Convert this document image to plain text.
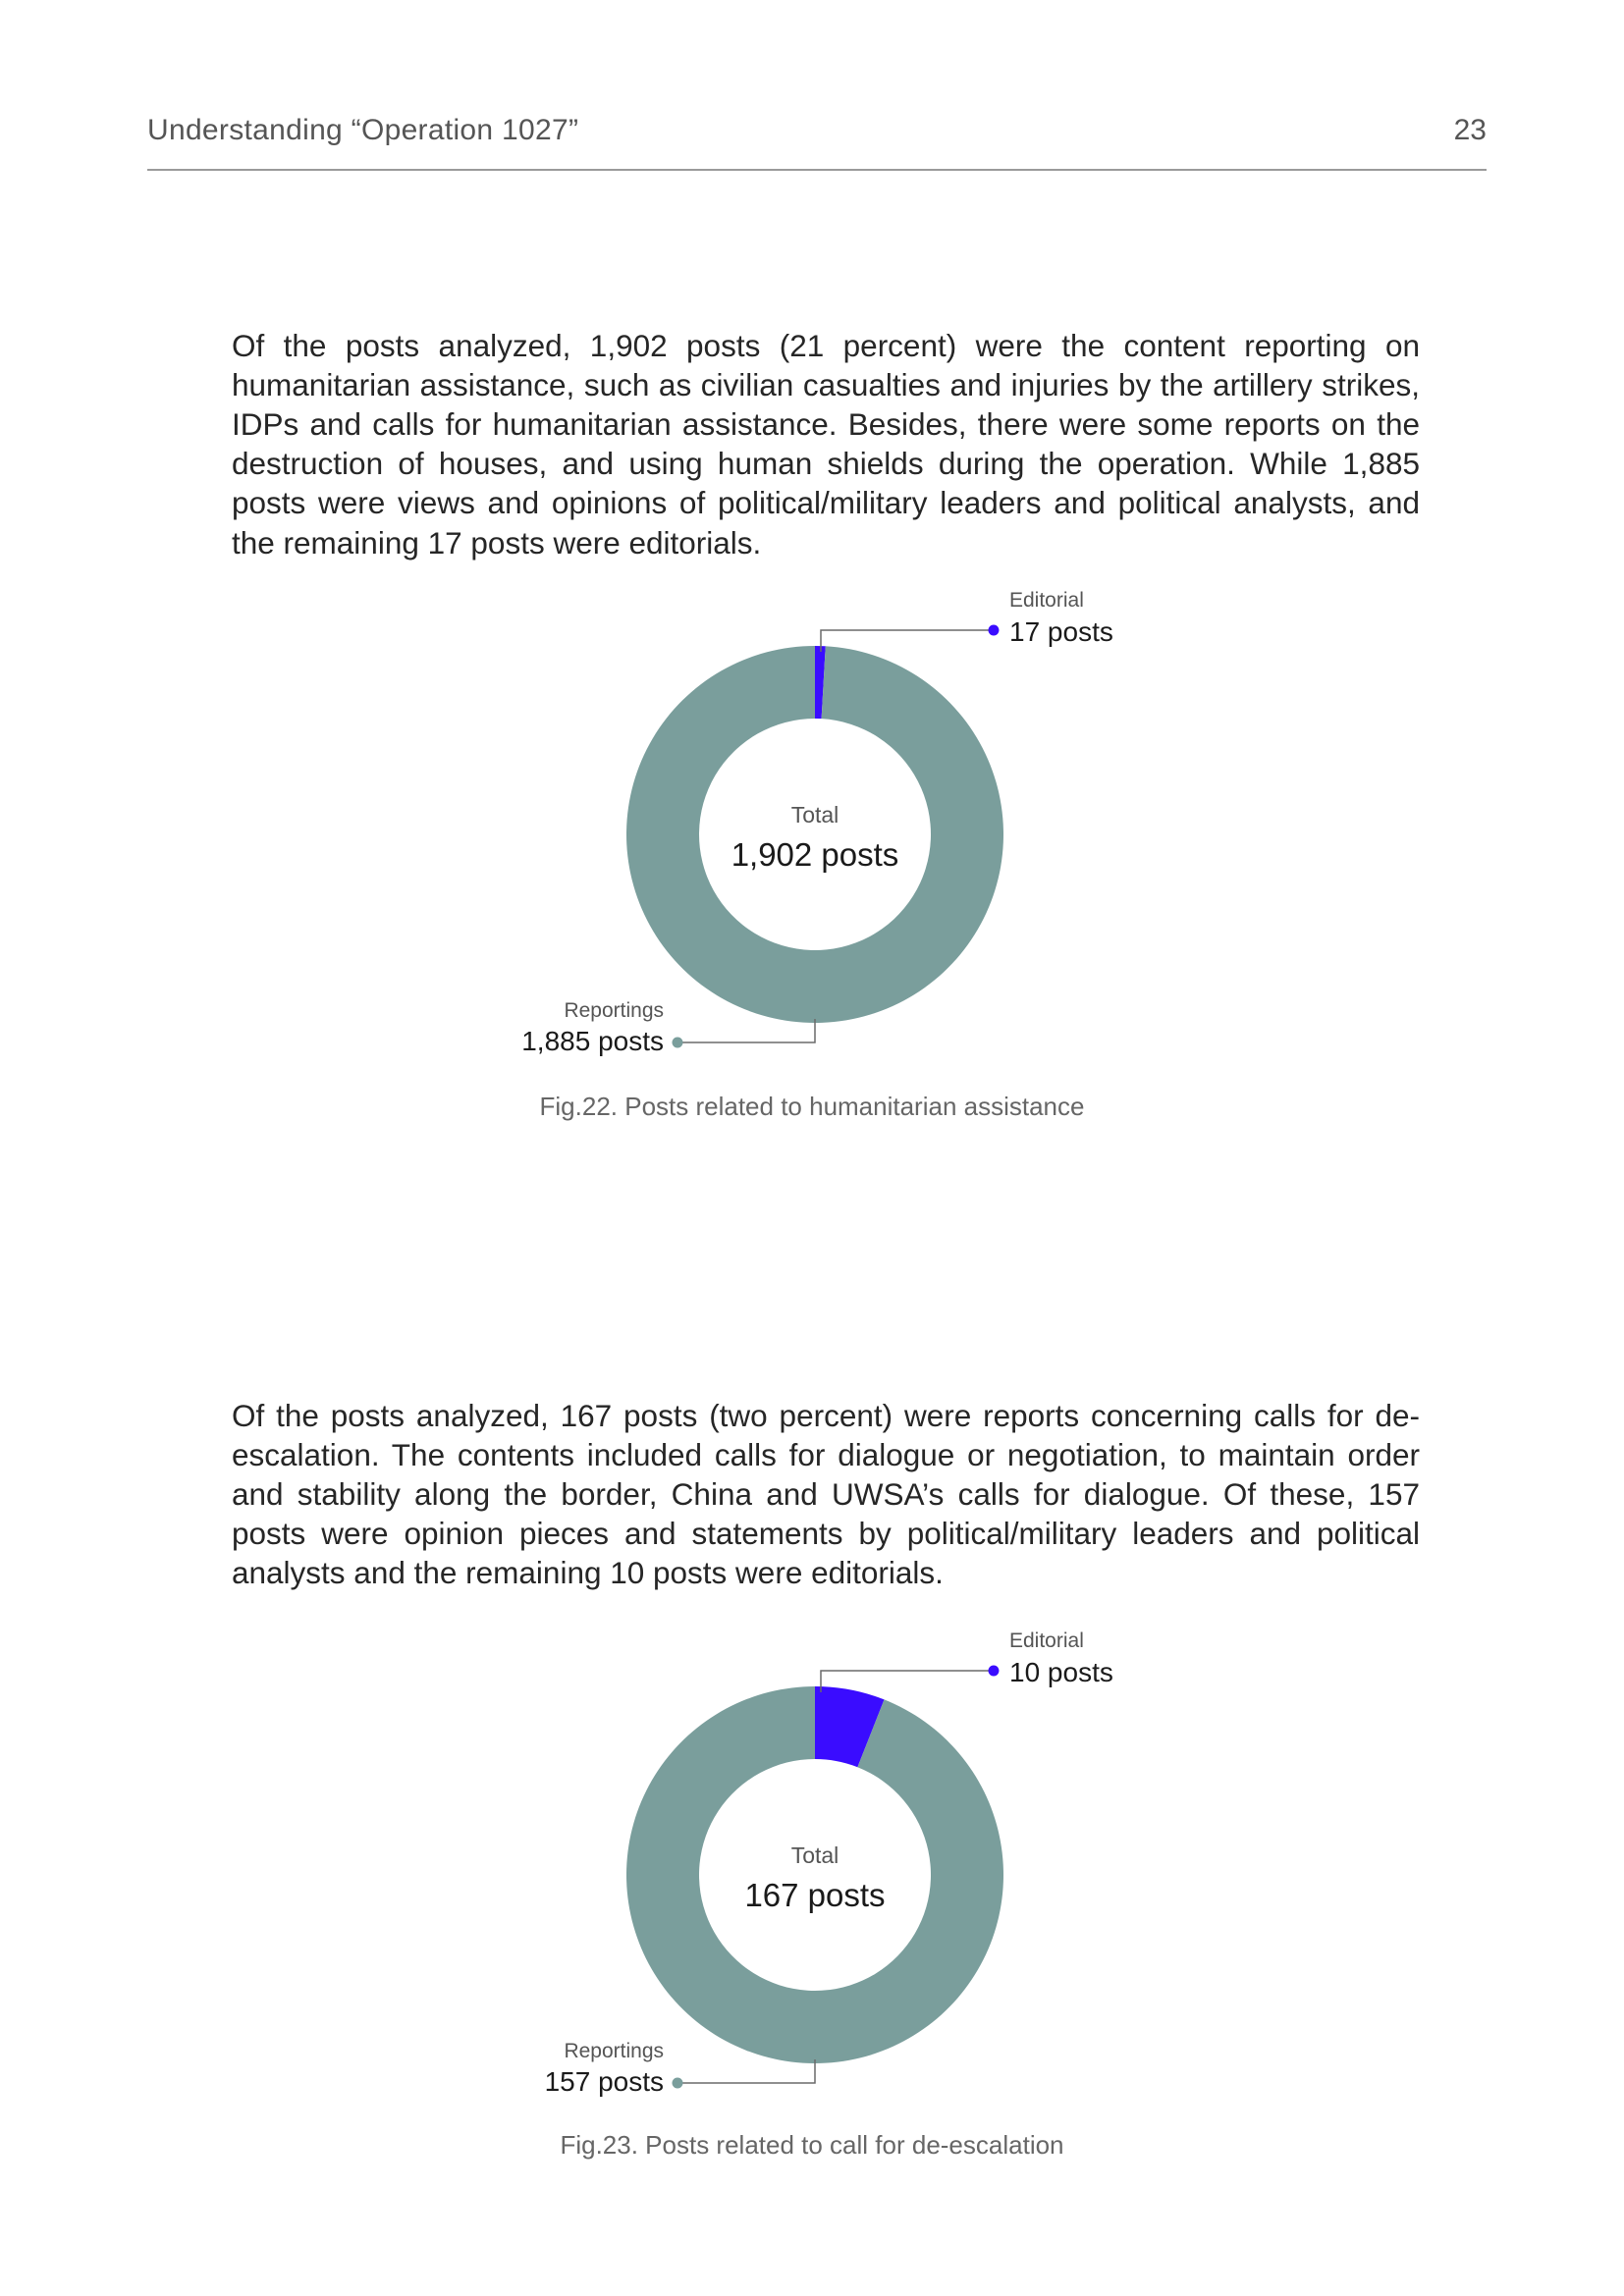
Understanding “Operation 1027”	23

Of the posts analyzed, 1,902 posts (21 percent) were the content reporting on humanitarian assistance, such as civilian casualties and injuries by the artillery strikes, IDPs and calls for humanitarian assistance. Besides, there were some reports on the destruction of houses, and using human shields during the operation. While 1,885 posts were views and opinions of political/military leaders and political analysts, and the remaining 17 posts were editorials.

Editorial
17 posts
Reportings
1,885 posts
Total
1,902 posts
Fig.22. Posts related to humanitarian assistance

Of the posts analyzed, 167 posts (two percent) were reports concerning calls for de-escalation. The contents included calls for dialogue or negotiation, to maintain order and stability along the border, China and UWSA’s calls for dialogue. Of these, 157 posts were opinion pieces and statements by political/military leaders and political analysts and the remaining 10 posts were editorials.

Editorial
10 posts
Reportings
157 posts
Total
167 posts
Fig.23. Posts related to call for de-escalation
